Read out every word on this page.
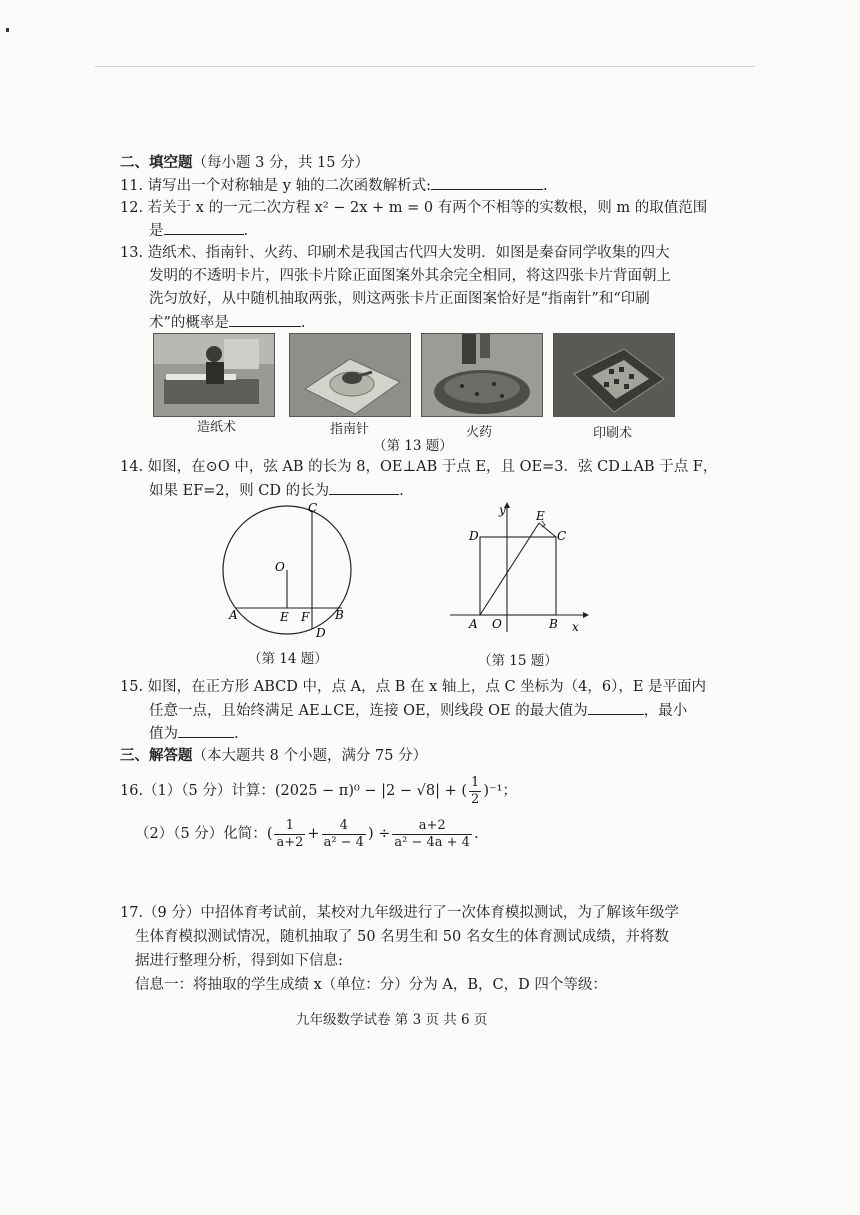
二、填空题（每小题 3 分，共 15 分）
11. 请写出一个对称轴是 y 轴的二次函数解析式:	.
12. 若关于 x 的一元二次方程 x² − 2x + m = 0 有两个不相等的实数根，则 m 的取值范围
是	.
13. 造纸术、指南针、火药、印刷术是我国古代四大发明．如图是秦奋同学收集的四大
发明的不透明卡片，四张卡片除正面图案外其余完全相同，将这四张卡片背面朝上
洗匀放好，从中随机抽取两张，则这两张卡片正面图案恰好是“指南针”和“印刷
术”的概率是	.
造纸术	指南针	火药	印刷术
（第 13 题）
14. 如图，在⊙O 中，弦 AB 的长为 8，OE⊥AB 于点 E，且 OE=3．弦 CD⊥AB 于点 F，
如果 EF=2，则 CD 的长为	.
C
O
A	E F B
D
（第 14 题）
y	E
D	C
A O	B x
（第 15 题）
15. 如图，在正方形 ABCD 中，点 A，点 B 在 x 轴上，点 C 坐标为（4，6），E 是平面内
任意一点，且始终满足 AE⊥CE，连接 OE，则线段 OE 的最大值为	，最小
值为	.
三、解答题（本大题共 8 个小题，满分 75 分）
16. （1）（5 分）计算： (2025 − π)⁰ − |2 − √8| + ( $\frac{1}{2} )^{-1}$；
（2）（5 分）化简： ( $\frac{1}{a+2} + \frac{4}{\text{a² − 4}}$ ) ÷ $\frac{a+2}{\text{a² − 4a + 4}}$ .
17.（9 分）中招体育考试前，某校对九年级进行了一次体育模拟测试，为了解该年级学
生体育模拟测试情况，随机抽取了 50 名男生和 50 名女生的体育测试成绩，并将数
据进行整理分析，得到如下信息:
信息一：将抽取的学生成绩 x（单位：分）分为 A，B，C，D 四个等级：
九年级数学试卷 第 3 页 共 6 页
